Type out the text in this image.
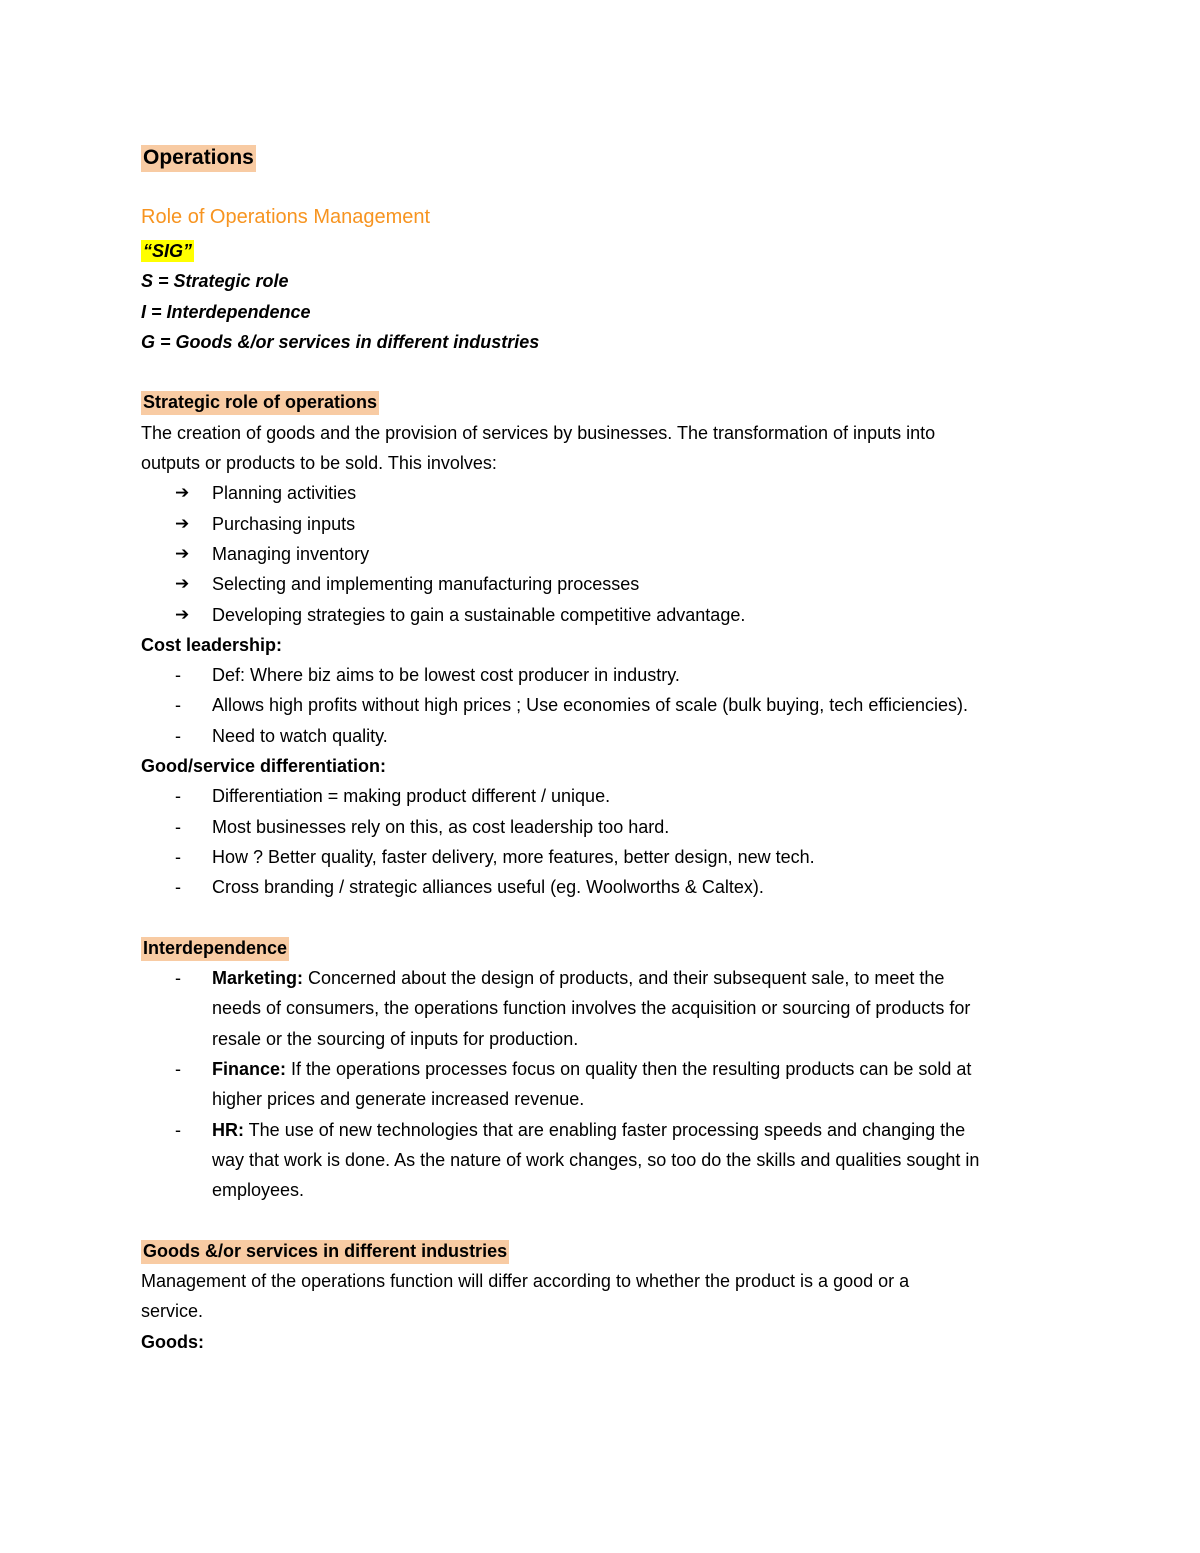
Operations
Role of Operations Management
“SIG”
S = Strategic role
I = Interdependence
G = Goods &/or services in different industries
Strategic role of operations
The creation of goods and the provision of services by businesses. The transformation of inputs into
outputs or products to be sold. This involves:
➔	Planning activities
➔	Purchasing inputs
➔	Managing inventory
➔	Selecting and implementing manufacturing processes
➔	Developing strategies to gain a sustainable competitive advantage.
Cost leadership:
-	Def: Where biz aims to be lowest cost producer in industry.
-	Allows high profits without high prices ; Use economies of scale (bulk buying, tech efficiencies).
-	Need to watch quality.
Good/service differentiation:
-	Differentiation = making product different / unique.
-	Most businesses rely on this, as cost leadership too hard.
-	How ? Better quality, faster delivery, more features, better design, new tech.
-	Cross branding / strategic alliances useful (eg. Woolworths & Caltex).
Interdependence
-	Marketing: Concerned about the design of products, and their subsequent sale, to meet the
needs of consumers, the operations function involves the acquisition or sourcing of products for
resale or the sourcing of inputs for production.
-	Finance: If the operations processes focus on quality then the resulting products can be sold at
higher prices and generate increased revenue.
-	HR: The use of new technologies that are enabling faster processing speeds and changing the
way that work is done. As the nature of work changes, so too do the skills and qualities sought in
employees.
Goods &/or services in different industries
Management of the operations function will differ according to whether the product is a good or a
service.
Goods:
